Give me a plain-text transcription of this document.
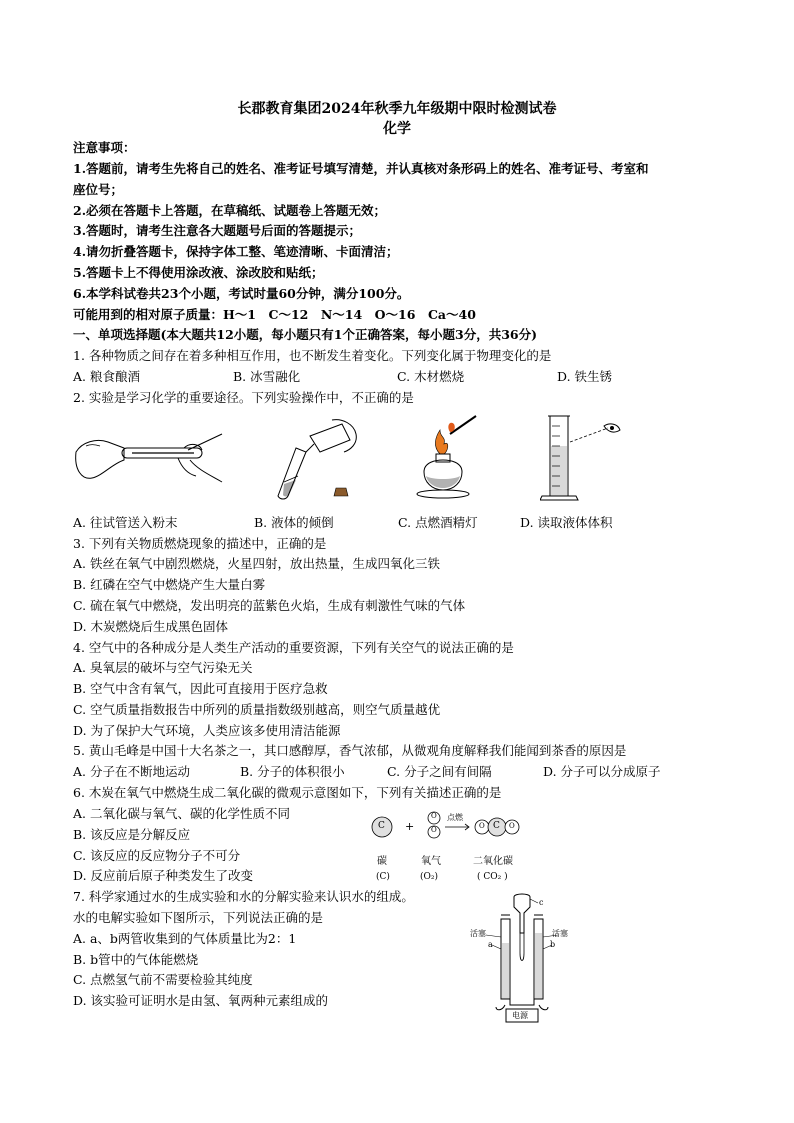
长郡教育集团2024年秋季九年级期中限时检测试卷
化学
注意事项：
1.答题前，请考生先将自己的姓名、准考证号填写清楚，并认真核对条形码上的姓名、准考证号、考室和
座位号；
2.必须在答题卡上答题，在草稿纸、试题卷上答题无效；
3.答题时，请考生注意各大题题号后面的答题提示；
4.请勿折叠答题卡，保持字体工整、笔迹清晰、卡面清洁；
5.答题卡上不得使用涂改液、涂改胶和贴纸；
6.本学科试卷共23个小题，考试时量60分钟，满分100分。
可能用到的相对原子质量：H～1　C～12　N～14　O～16　Ca～40
一、单项选择题(本大题共12小题，每小题只有1个正确答案，每小题3分，共36分)
1. 各种物质之间存在着多种相互作用，也不断发生着变化。下列变化属于物理变化的是
A. 粮食酿酒	B. 冰雪融化	C. 木材燃烧	D. 铁生锈
2. 实验是学习化学的重要途径。下列实验操作中，不正确的是
A. 往试管送入粉末	B. 液体的倾倒	C. 点燃酒精灯	D. 读取液体体积
3. 下列有关物质燃烧现象的描述中，正确的是
A. 铁丝在氧气中剧烈燃烧，火星四射，放出热量，生成四氧化三铁
B. 红磷在空气中燃烧产生大量白雾
C. 硫在氧气中燃烧，发出明亮的蓝紫色火焰，生成有刺激性气味的气体
D. 木炭燃烧后生成黑色固体
4. 空气中的各种成分是人类生产活动的重要资源，下列有关空气的说法正确的是
A. 臭氧层的破坏与空气污染无关
B. 空气中含有氧气，因此可直接用于医疗急救
C. 空气质量指数报告中所列的质量指数级别越高，则空气质量越优
D. 为了保护大气环境，人类应该多使用清洁能源
5. 黄山毛峰是中国十大名茶之一，其口感醇厚，香气浓郁，从微观角度解释我们能闻到茶香的原因是
A. 分子在不断地运动	B. 分子的体积很小	C. 分子之间有间隔	D. 分子可以分成原子
6. 木炭在氧气中燃烧生成二氧化碳的微观示意图如下，下列有关描述正确的是
A. 二氧化碳与氧气、碳的化学性质不同
B. 该反应是分解反应
C. 该反应的反应物分子不可分
D. 反应前后原子种类发生了改变
C +
O
O
点燃
O C O
碳	氧气	二氧化碳
(C)	(O₂)	( CO₂ )
7. 科学家通过水的生成实验和水的分解实验来认识水的组成。
水的电解实验如下图所示，下列说法正确的是
A. a、b两管收集到的气体质量比为2：1
B. b管中的气体能燃烧
C. 点燃氢气前不需要检验其纯度
D. 该实验可证明水是由氢、氧两种元素组成的
活塞	活塞
a	b
c
电源
